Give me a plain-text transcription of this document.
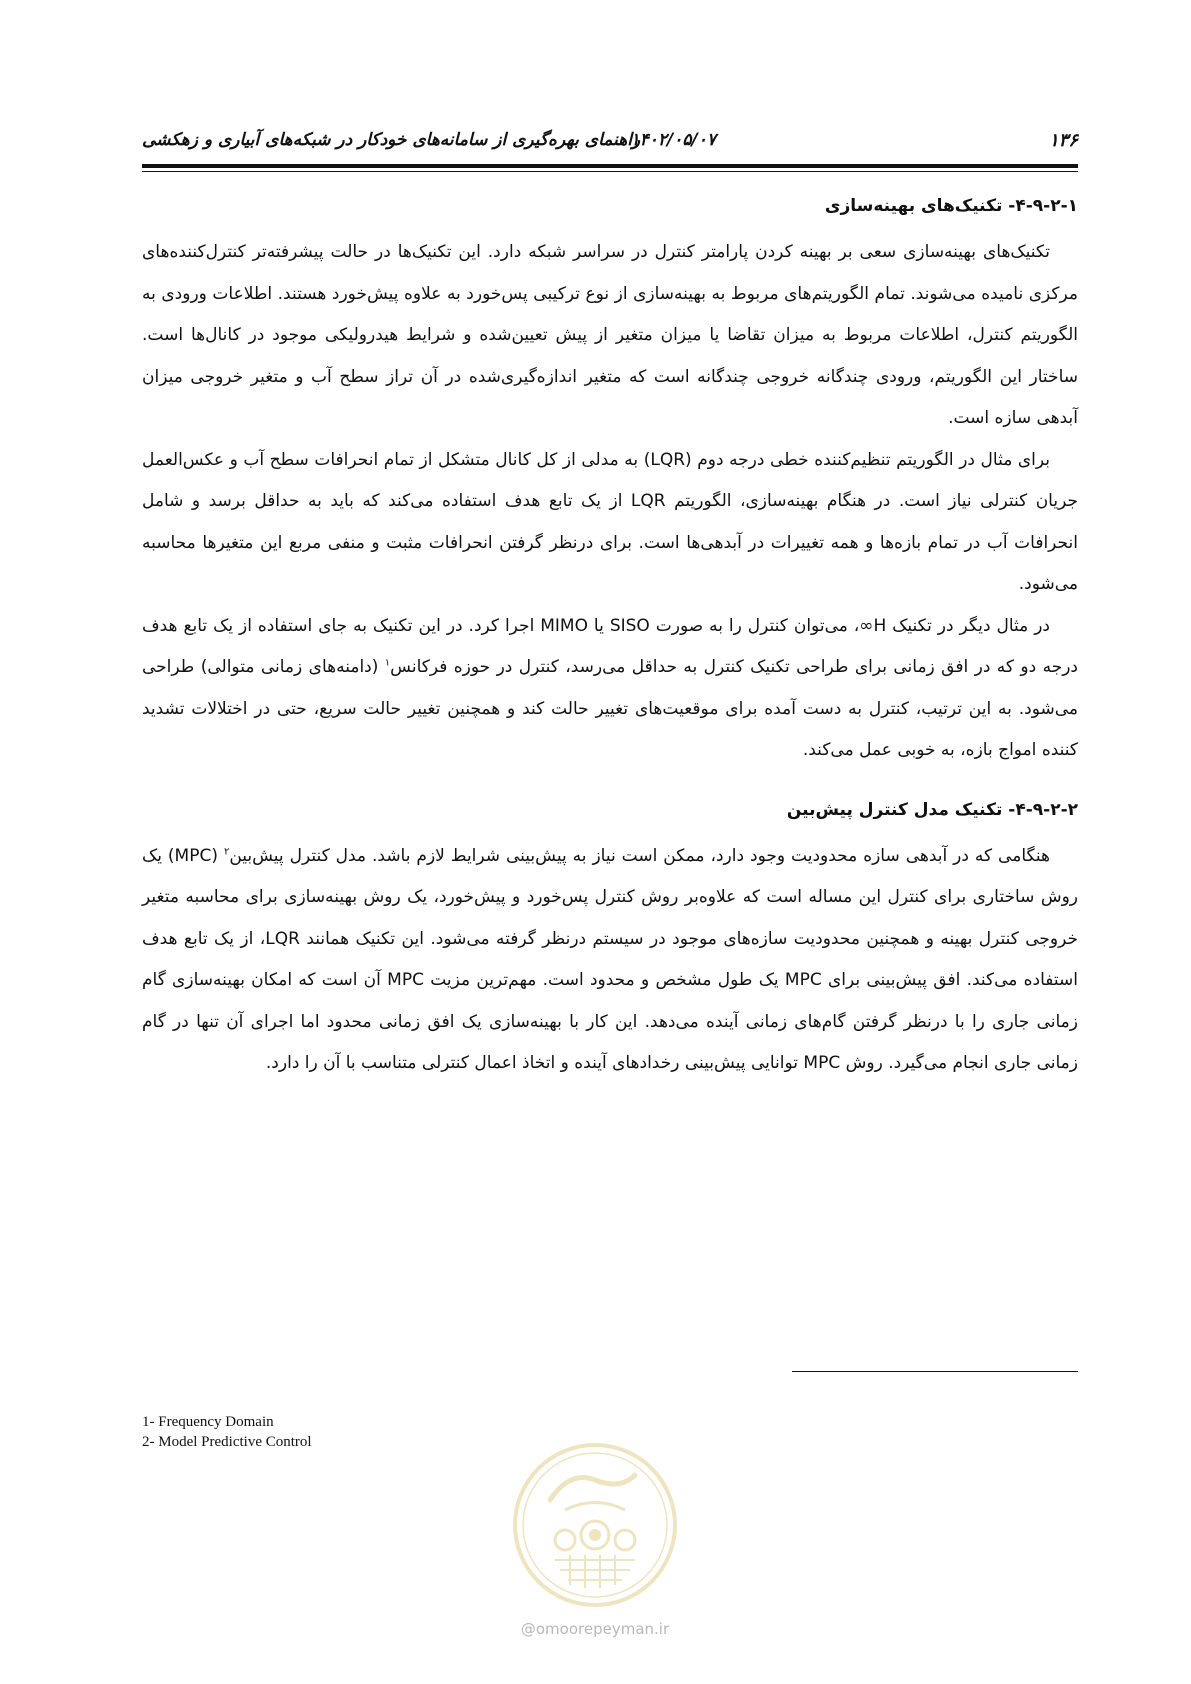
۱۳۶
۱۴۰۲/۰۵/۰۷
راهنمای بهره‌گیری از سامانه‌های خودکار در شبکه‌های آبیاری و زهکشی
۴-۹-۲-۱- تکنیک‌های بهینه‌سازی

تکنیک‌های بهینه‌سازی سعی بر بهینه کردن پارامتر کنترل در سراسر شبکه دارد. این تکنیک‌ها در حالت پیشرفته‌تر کنترل‌کننده‌های مرکزی نامیده می‌شوند. تمام الگوریتم‌های مربوط به بهینه‌سازی از نوع ترکیبی پس‌خورد به علاوه پیش‌خورد هستند. اطلاعات ورودی به الگوریتم کنترل، اطلاعات مربوط به میزان تقاضا یا میزان متغیر از پیش تعیین‌شده و شرایط هیدرولیکی موجود در کانال‌ها است. ساختار این الگوریتم، ورودی چندگانه خروجی چندگانه است که متغیر اندازه‌گیری‌شده در آن تراز سطح آب و متغیر خروجی میزان آبدهی سازه است.

برای مثال در الگوریتم تنظیم‌کننده خطی درجه دوم (LQR) به مدلی از کل کانال متشکل از تمام انحرافات سطح آب و عکس‌العمل جریان کنترلی نیاز است. در هنگام بهینه‌سازی، الگوریتم LQR از یک تابع هدف استفاده می‌کند که باید به حداقل برسد و شامل انحرافات آب در تمام بازه‌ها و همه تغییرات در آبدهی‌ها است. برای درنظر گرفتن انحرافات مثبت و منفی مربع این متغیرها محاسبه می‌شود.

در مثال دیگر در تکنیک H∞، می‌توان کنترل را به صورت SISO یا MIMO اجرا کرد. در این تکنیک به جای استفاده از یک تابع هدف درجه دو که در افق زمانی برای طراحی تکنیک کنترل به حداقل می‌رسد، کنترل در حوزه فرکانس$^۱$ (دامنه‌های زمانی متوالی) طراحی می‌شود. به این ترتیب، کنترل به دست آمده برای موقعیت‌های تغییر حالت کند و همچنین تغییر حالت سریع، حتی در اختلالات تشدید کننده امواج بازه، به خوبی عمل می‌کند.

۴-۹-۲-۲- تکنیک مدل کنترل پیش‌بین

هنگامی که در آبدهی سازه محدودیت وجود دارد، ممکن است نیاز به پیش‌بینی شرایط لازم باشد. مدل کنترل پیش‌بین$^۲$ (MPC) یک روش ساختاری برای کنترل این مساله است که علاوه‌بر روش کنترل پس‌خورد و پیش‌خورد، یک روش بهینه‌سازی برای محاسبه متغیر خروجی کنترل بهینه و همچنین محدودیت سازه‌های موجود در سیستم درنظر گرفته می‌شود. این تکنیک همانند LQR، از یک تابع هدف استفاده می‌کند. افق پیش‌بینی برای MPC یک طول مشخص و محدود است. مهم‌ترین مزیت MPC آن است که امکان بهینه‌سازی گام زمانی جاری را با درنظر گرفتن گام‌های زمانی آینده می‌دهد. این کار با بهینه‌سازی یک افق زمانی محدود اما اجرای آن تنها در گام زمانی جاری انجام می‌گیرد. روش MPC توانایی پیش‌بینی رخدادهای آینده و اتخاذ اعمال کنترلی متناسب با آن را دارد.

1- Frequency Domain
2- Model Predictive Control
@omoorepeyman.ir
